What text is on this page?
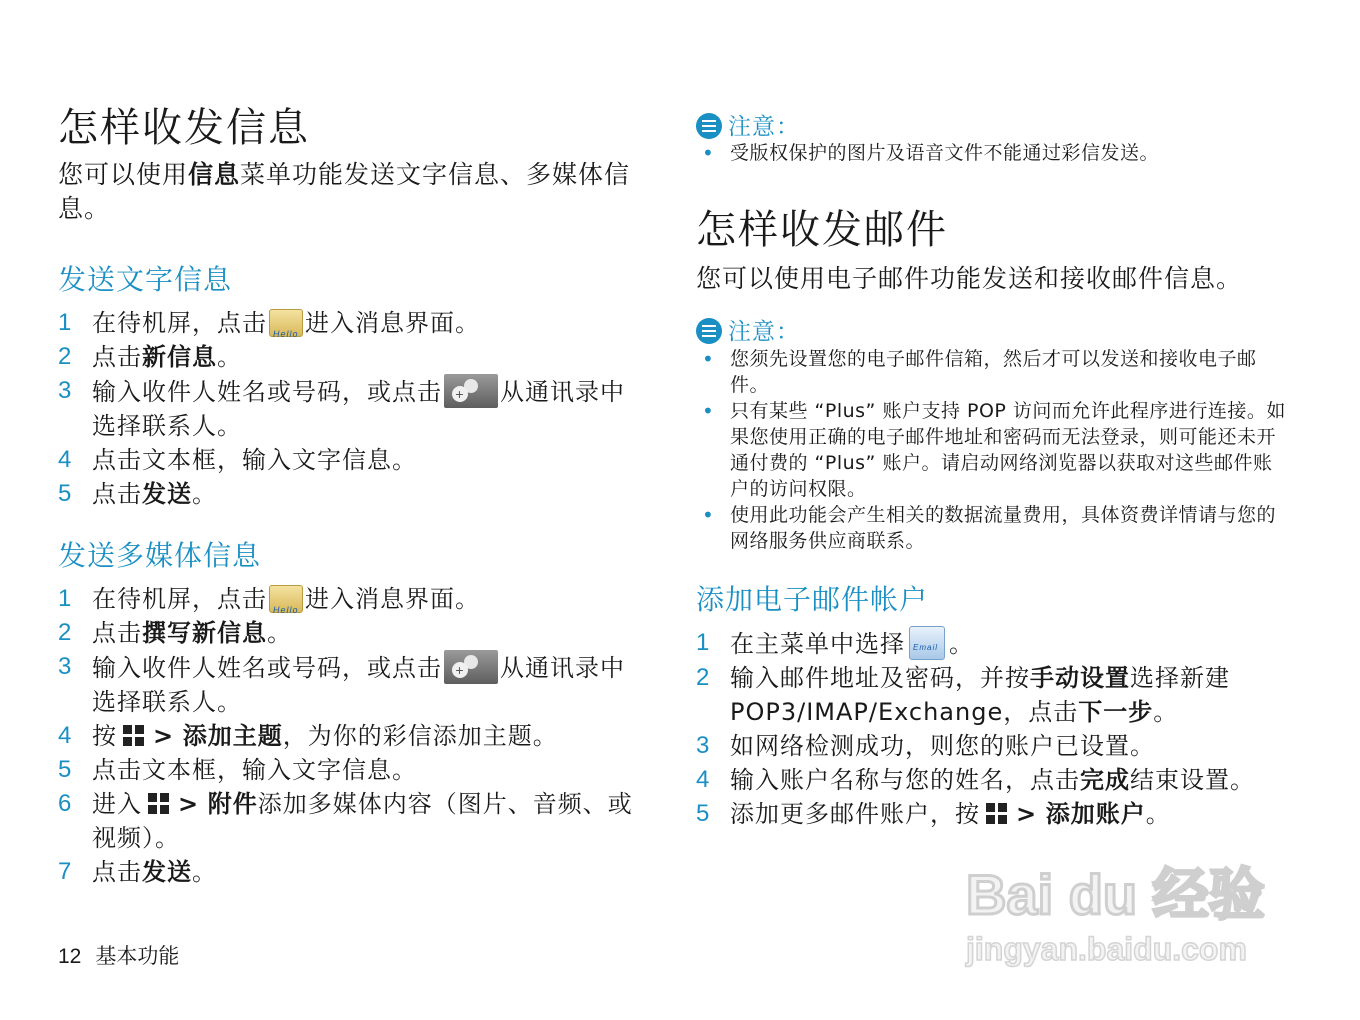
怎样收发信息
您可以使用信息菜单功能发送文字信息、多媒体信息。
发送文字信息
1 在待机屏，点击 Hello 进入消息界面。
2 点击新信息。
3 输入收件人姓名或号码，或点击 + 从通讯录中选择联系人。
4 点击文本框，输入文字信息。
5 点击发送。
发送多媒体信息
1 在待机屏，点击 Hello 进入消息界面。
2 点击撰写新信息。
3 输入收件人姓名或号码，或点击 + 从通讯录中选择联系人。
4 按 > 添加主题，为你的彩信添加主题。
5 点击文本框，输入文字信息。
6 进入 > 附件添加多媒体内容（图片、音频、或视频）。
7 点击发送。
注意：
• 受版权保护的图片及语音文件不能通过彩信发送。
怎样收发邮件
您可以使用电子邮件功能发送和接收邮件信息。
注意：
• 您须先设置您的电子邮件信箱，然后才可以发送和接收电子邮件。
• 只有某些 “Plus” 账户支持 POP 访问而允许此程序进行连接。如果您使用正确的电子邮件地址和密码而无法登录，则可能还未开通付费的 “Plus” 账户。请启动网络浏览器以获取对这些邮件账户的访问权限。
• 使用此功能会产生相关的数据流量费用，具体资费详情请与您的网络服务供应商联系。
添加电子邮件帐户
1 在主菜单中选择 Email 。
2 输入邮件地址及密码，并按手动设置选择新建 POP3/IMAP/Exchange，点击下一步。
3 如网络检测成功，则您的账户已设置。
4 输入账户名称与您的姓名，点击完成结束设置。
5 添加更多邮件账户，按 > 添加账户。
12 基本功能
Bai du 经验
jingyan.baidu.com
